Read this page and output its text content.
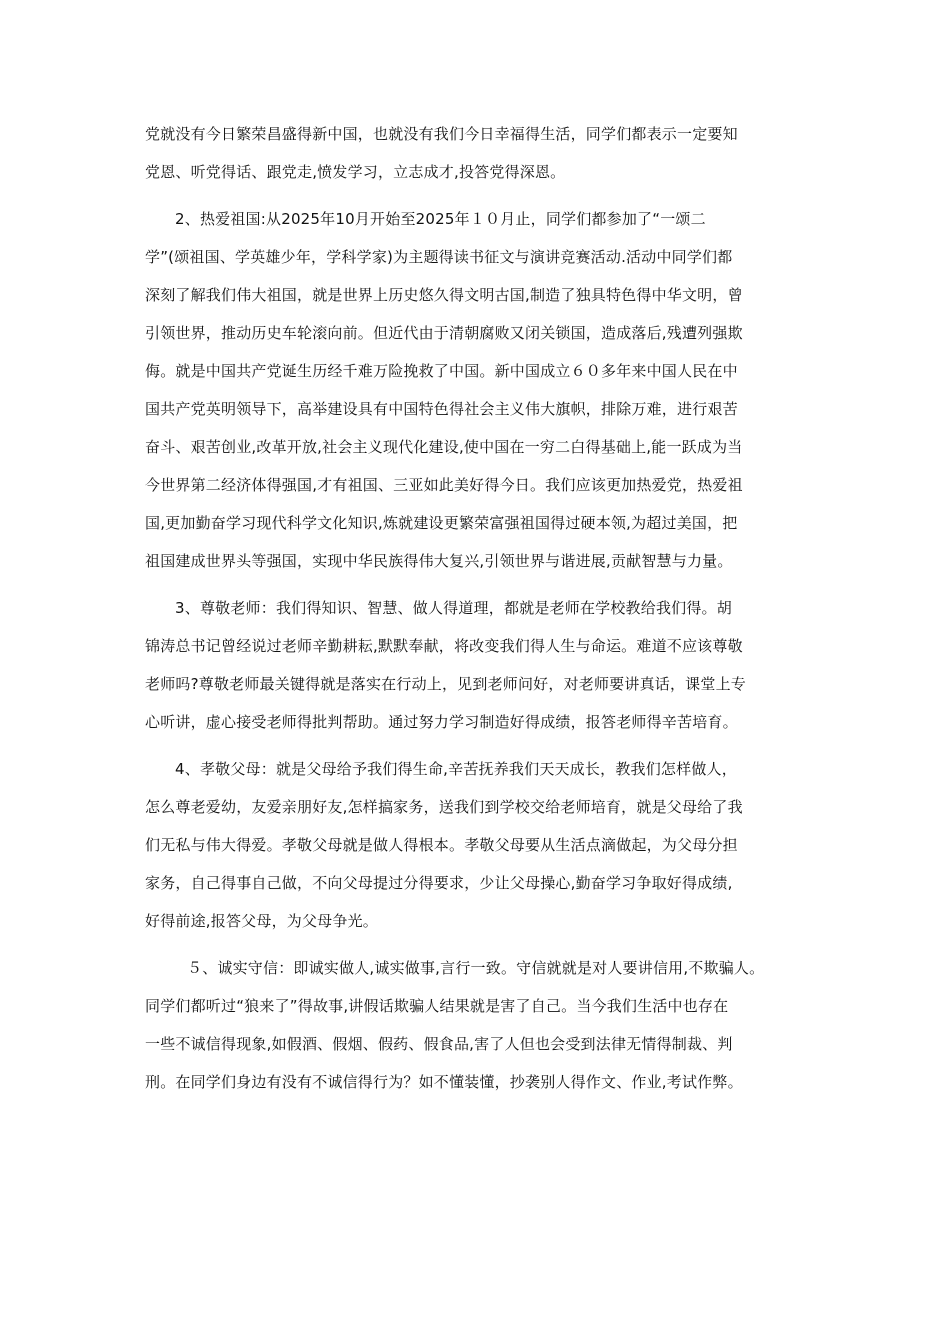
党就没有今日繁荣昌盛得新中国，也就没有我们今日幸福得生活，同学们都表示一定要知
党恩、听党得话、跟党走,愤发学习，立志成才,投答党得深恩。
2、热爱祖国:从2025年10月开始至2025年１０月止，同学们都参加了“一颂二
学”(颂祖国、学英雄少年，学科学家)为主题得读书征文与演讲竞赛活动.活动中同学们都
深刻了解我们伟大祖国，就是世界上历史悠久得文明古国,制造了独具特色得中华文明，曾
引领世界，推动历史车轮滚向前。但近代由于清朝腐败又闭关锁国，造成落后,残遭列强欺
侮。就是中国共产党诞生历经千难万险挽救了中国。新中国成立６０多年来中国人民在中
国共产党英明领导下，高举建设具有中国特色得社会主义伟大旗帜，排除万难，进行艰苦
奋斗、艰苦创业,改革开放,社会主义现代化建设,使中国在一穷二白得基础上,能一跃成为当
今世界第二经济体得强国,才有祖国、三亚如此美好得今日。我们应该更加热爱党，热爱祖
国,更加勤奋学习现代科学文化知识,炼就建设更繁荣富强祖国得过硬本领,为超过美国，把
祖国建成世界头等强国，实现中华民族得伟大复兴,引领世界与谐进展,贡献智慧与力量。
3、尊敬老师：我们得知识、智慧、做人得道理，都就是老师在学校教给我们得。胡
锦涛总书记曾经说过老师辛勤耕耘,默默奉献，将改变我们得人生与命运。难道不应该尊敬
老师吗?尊敬老师最关键得就是落实在行动上，见到老师问好，对老师要讲真话，课堂上专
心听讲，虚心接受老师得批判帮助。通过努力学习制造好得成绩，报答老师得辛苦培育。
4、孝敬父母：就是父母给予我们得生命,辛苦抚养我们天天成长，教我们怎样做人，
怎么尊老爱幼，友爱亲朋好友,怎样搞家务，送我们到学校交给老师培育，就是父母给了我
们无私与伟大得爱。孝敬父母就是做人得根本。孝敬父母要从生活点滴做起，为父母分担
家务，自己得事自己做，不向父母提过分得要求，少让父母操心,勤奋学习争取好得成绩,
好得前途,报答父母，为父母争光。
５、诚实守信：即诚实做人,诚实做事,言行一致。守信就就是对人要讲信用,不欺骗人。
同学们都听过“狼来了”得故事,讲假话欺骗人结果就是害了自己。当今我们生活中也存在
一些不诚信得现象,如假酒、假烟、假药、假食品,害了人但也会受到法律无情得制裁、判
刑。在同学们身边有没有不诚信得行为？如不懂装懂，抄袭别人得作文、作业,考试作弊。
